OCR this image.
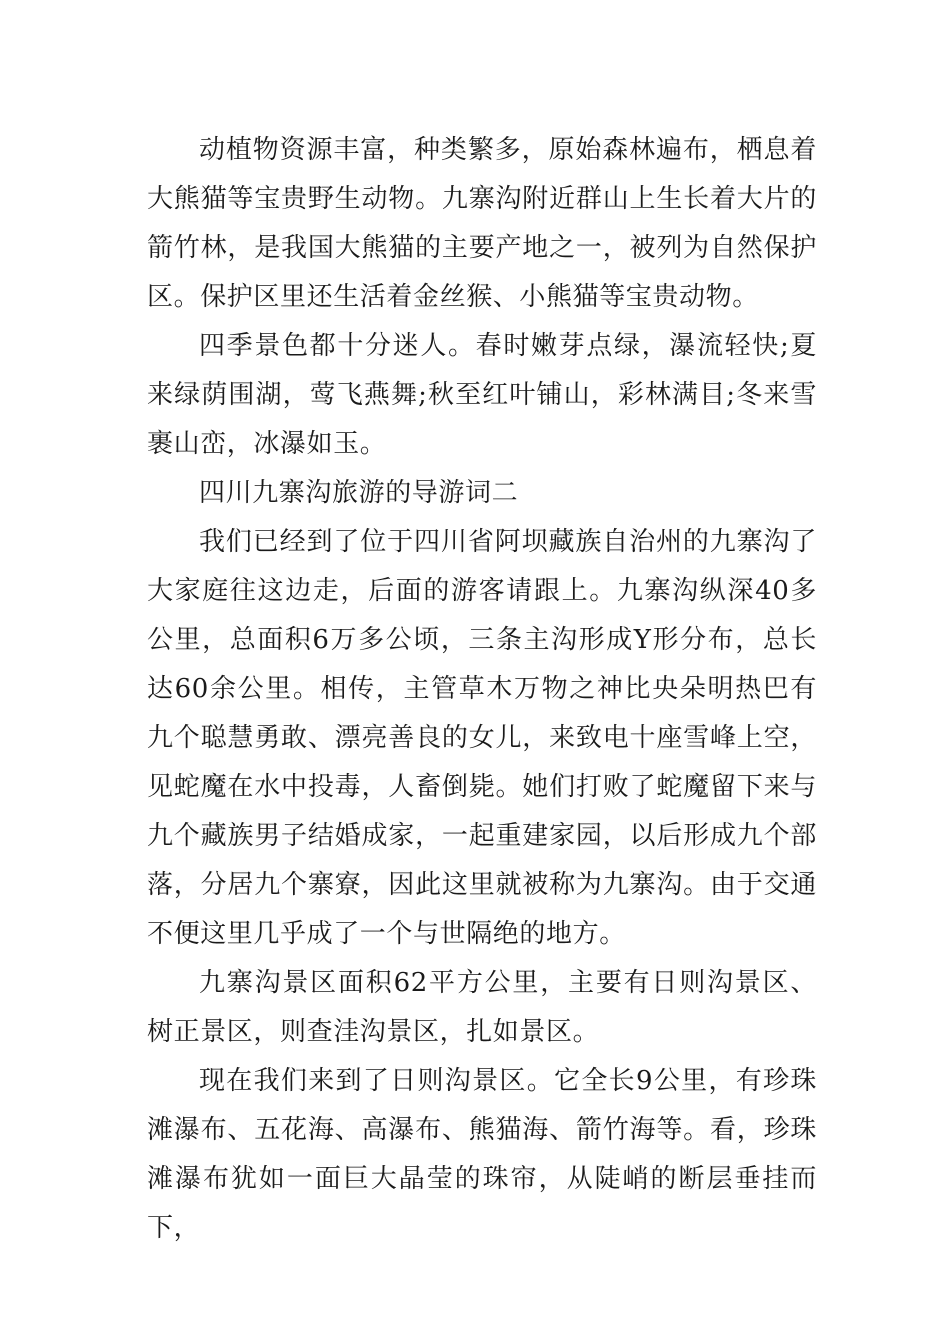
动植物资源丰富，种类繁多，原始森林遍布，栖息着大熊猫等宝贵野生动物。九寨沟附近群山上生长着大片的箭竹林，是我国大熊猫的主要产地之一，被列为自然保护区。保护区里还生活着金丝猴、小熊猫等宝贵动物。

四季景色都十分迷人。春时嫩芽点绿，瀑流轻快;夏来绿荫围湖，莺飞燕舞;秋至红叶铺山，彩林满目;冬来雪裹山峦，冰瀑如玉。

四川九寨沟旅游的导游词二

我们已经到了位于四川省阿坝藏族自治州的九寨沟了大家庭往这边走，后面的游客请跟上。九寨沟纵深40多公里，总面积6万多公顷，三条主沟形成Y形分布，总长达60余公里。相传，主管草木万物之神比央朵明热巴有九个聪慧勇敢、漂亮善良的女儿，来致电十座雪峰上空，见蛇魔在水中投毒，人畜倒毙。她们打败了蛇魔留下来与九个藏族男子结婚成家，一起重建家园，以后形成九个部落，分居九个寨寮，因此这里就被称为九寨沟。由于交通不便这里几乎成了一个与世隔绝的地方。

九寨沟景区面积62平方公里，主要有日则沟景区、树正景区，则查洼沟景区，扎如景区。

现在我们来到了日则沟景区。它全长9公里，有珍珠滩瀑布、五花海、高瀑布、熊猫海、箭竹海等。看，珍珠滩瀑布犹如一面巨大晶莹的珠帘，从陡峭的断层垂挂而下，
